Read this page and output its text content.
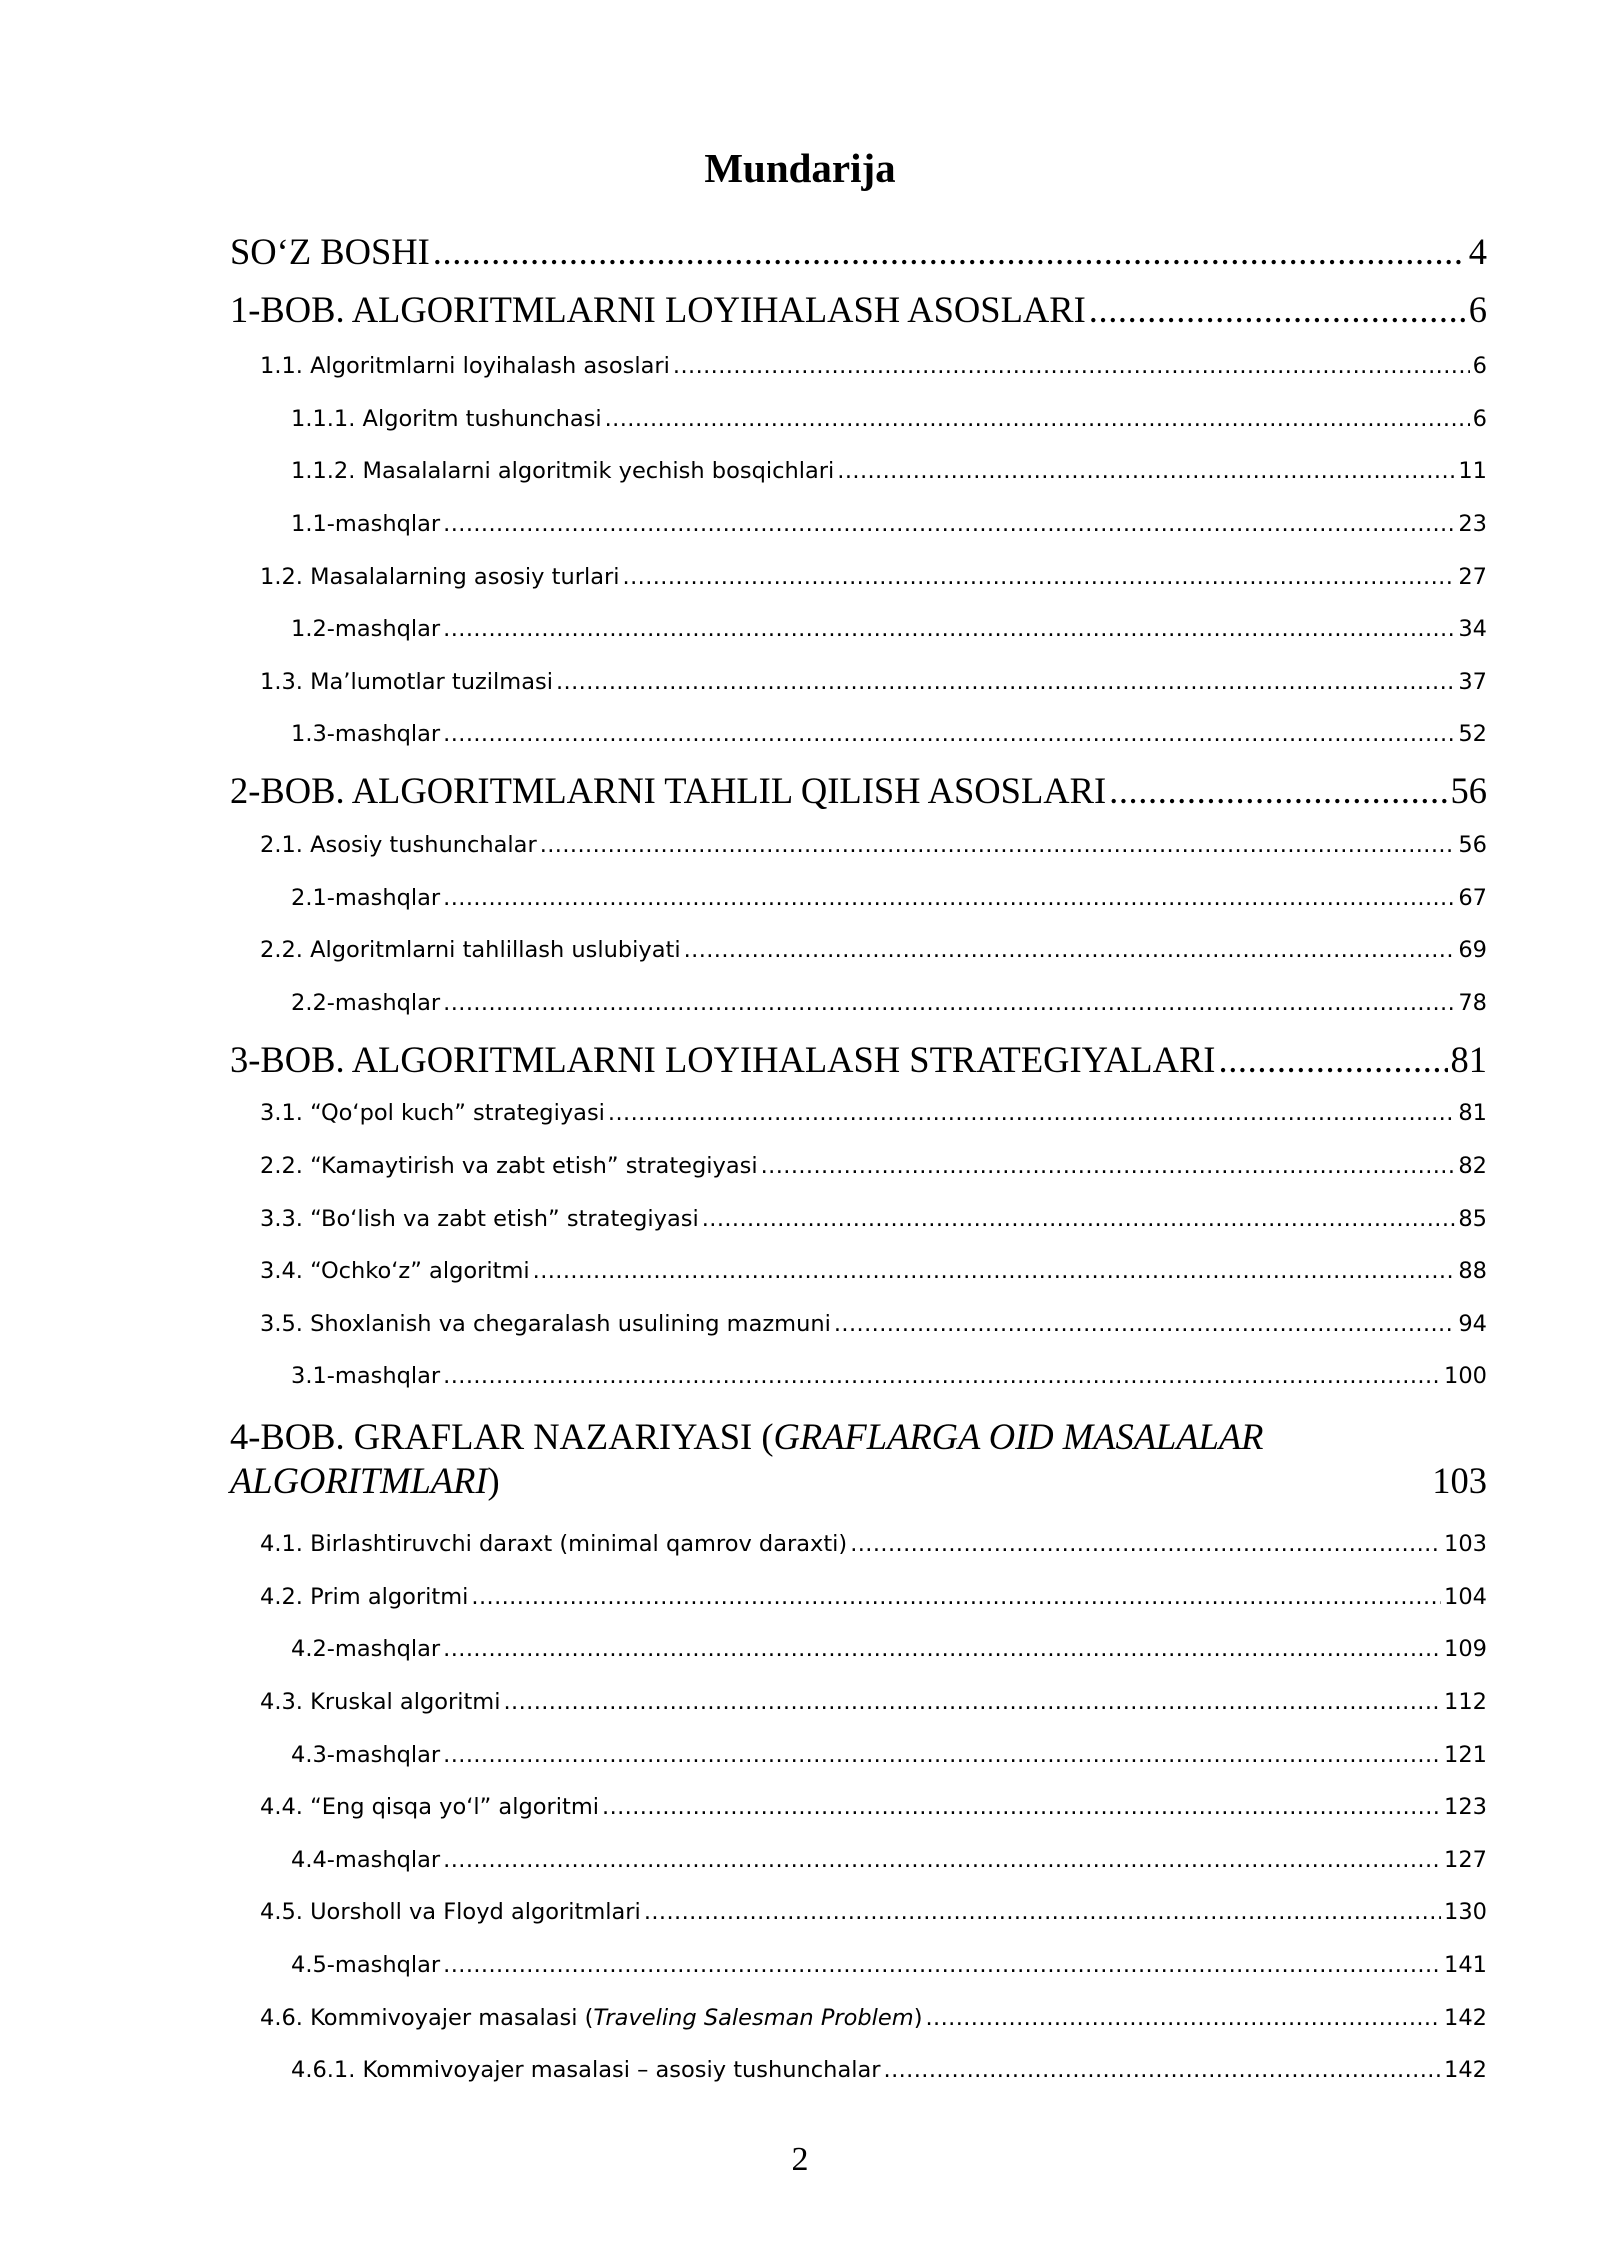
Mundarija
SO‘Z BOSHI .....	4
1-BOB. ALGORITMLARNI LOYIHALASH ASOSLARI .....	6
1.1. Algoritmlarni loyihalash asoslari .....	6
1.1.1. Algoritm tushunchasi .....	6
1.1.2. Masalalarni algoritmik yechish bosqichlari .....	11
1.1-mashqlar .....	23
1.2. Masalalarning asosiy turlari .....	27
1.2-mashqlar .....	34
1.3. Ma’lumotlar tuzilmasi .....	37
1.3-mashqlar .....	52
2-BOB. ALGORITMLARNI TAHLIL QILISH ASOSLARI .....	56
2.1. Asosiy tushunchalar .....	56
2.1-mashqlar .....	67
2.2. Algoritmlarni tahlillash uslubiyati .....	69
2.2-mashqlar .....	78
3-BOB. ALGORITMLARNI LOYIHALASH STRATEGIYALARI .....	81
3.1. “Qo‘pol kuch” strategiyasi .....	81
2.2. “Kamaytirish va zabt etish” strategiyasi .....	82
3.3. “Bo‘lish va zabt etish” strategiyasi .....	85
3.4. “Ochko‘z” algoritmi .....	88
3.5. Shoxlanish va chegaralash usulining mazmuni .....	94
3.1-mashqlar .....	100
4-BOB. GRAFLAR NAZARIYASI (GRAFLARGA OID MASALALAR
ALGORITMLARI)	103
4.1. Birlashtiruvchi daraxt (minimal qamrov daraxti) .....	103
4.2. Prim algoritmi .....	104
4.2-mashqlar .....	109
4.3. Kruskal algoritmi .....	112
4.3-mashqlar .....	121
4.4. “Eng qisqa yo‘l” algoritmi .....	123
4.4-mashqlar .....	127
4.5. Uorsholl va Floyd algoritmlari .....	130
4.5-mashqlar .....	141
4.6. Kommivoyajer masalasi (Traveling Salesman Problem) .....	142
4.6.1. Kommivoyajer masalasi – asosiy tushunchalar .....	142
2
